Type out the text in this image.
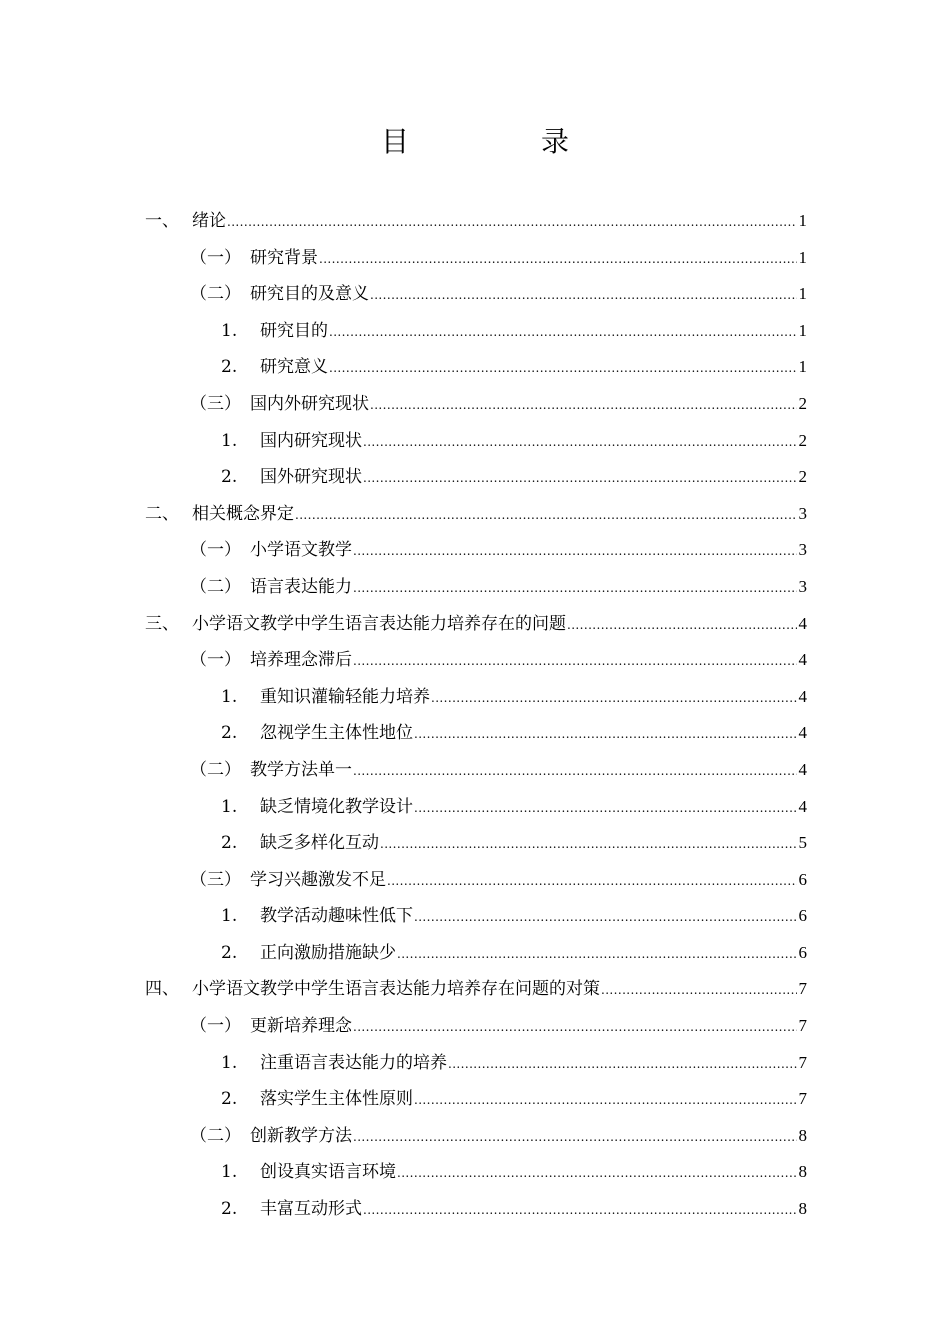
目　录
一、 绪论 .....	1
（一） 研究背景 .....	1
（二） 研究目的及意义 .....	1
1.	研究目的 .....	1
2.	研究意义 .....	1
（三） 国内外研究现状 .....	2
1.	国内研究现状 .....	2
2.	国外研究现状 .....	2
二、 相关概念界定 .....	3
（一） 小学语文教学 .....	3
（二） 语言表达能力 .....	3
三、 小学语文教学中学生语言表达能力培养存在的问题 .....	4
（一） 培养理念滞后 .....	4
1.	重知识灌输轻能力培养 .....	4
2.	忽视学生主体性地位 .....	4
（二） 教学方法单一 .....	4
1.	缺乏情境化教学设计 .....	4
2.	缺乏多样化互动 .....	5
（三） 学习兴趣激发不足 .....	6
1.	教学活动趣味性低下 .....	6
2.	正向激励措施缺少 .....	6
四、 小学语文教学中学生语言表达能力培养存在问题的对策 .....	7
（一） 更新培养理念 .....	7
1.	注重语言表达能力的培养 .....	7
2.	落实学生主体性原则 .....	7
（二） 创新教学方法 .....	8
1.	创设真实语言环境 .....	8
2.	丰富互动形式 .....	8
